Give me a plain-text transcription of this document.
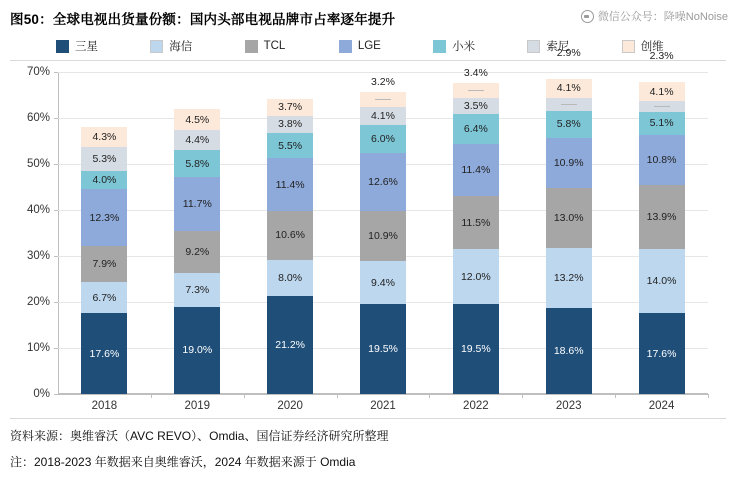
图50：全球电视出货量份额：国内头部电视品牌市占率逐年提升	微信公众号：降噪NoNoise
三星	海信	TCL	LGE	小米	索尼	创维
0%
10%
20%
30%
40%
50%
60%
70%
17.6%
6.7%
7.9%
12.3%
4.0%
5.3%
4.3%
19.0%
7.3%
9.2%
11.7%
5.8%
4.4%
4.5%
21.2%
8.0%
10.6%
11.4%
5.5%
3.8%
3.7%
19.5%
9.4%
10.9%
12.6%
6.0%
4.1%
3.2%
19.5%
12.0%
11.5%
11.4%
6.4%
3.5%
3.4%
18.6%
13.2%
13.0%
10.9%
5.8%
2.9%
4.1%
17.6%
14.0%
13.9%
10.8%
5.1%
2.3%
4.1%
2018	2019	2020	2021	2022	2023	2024
资料来源：奥维睿沃（AVC REVO）、Omdia、国信证券经济研究所整理
注：2018-2023 年数据来自奥维睿沃，2024 年数据来源于 Omdia
